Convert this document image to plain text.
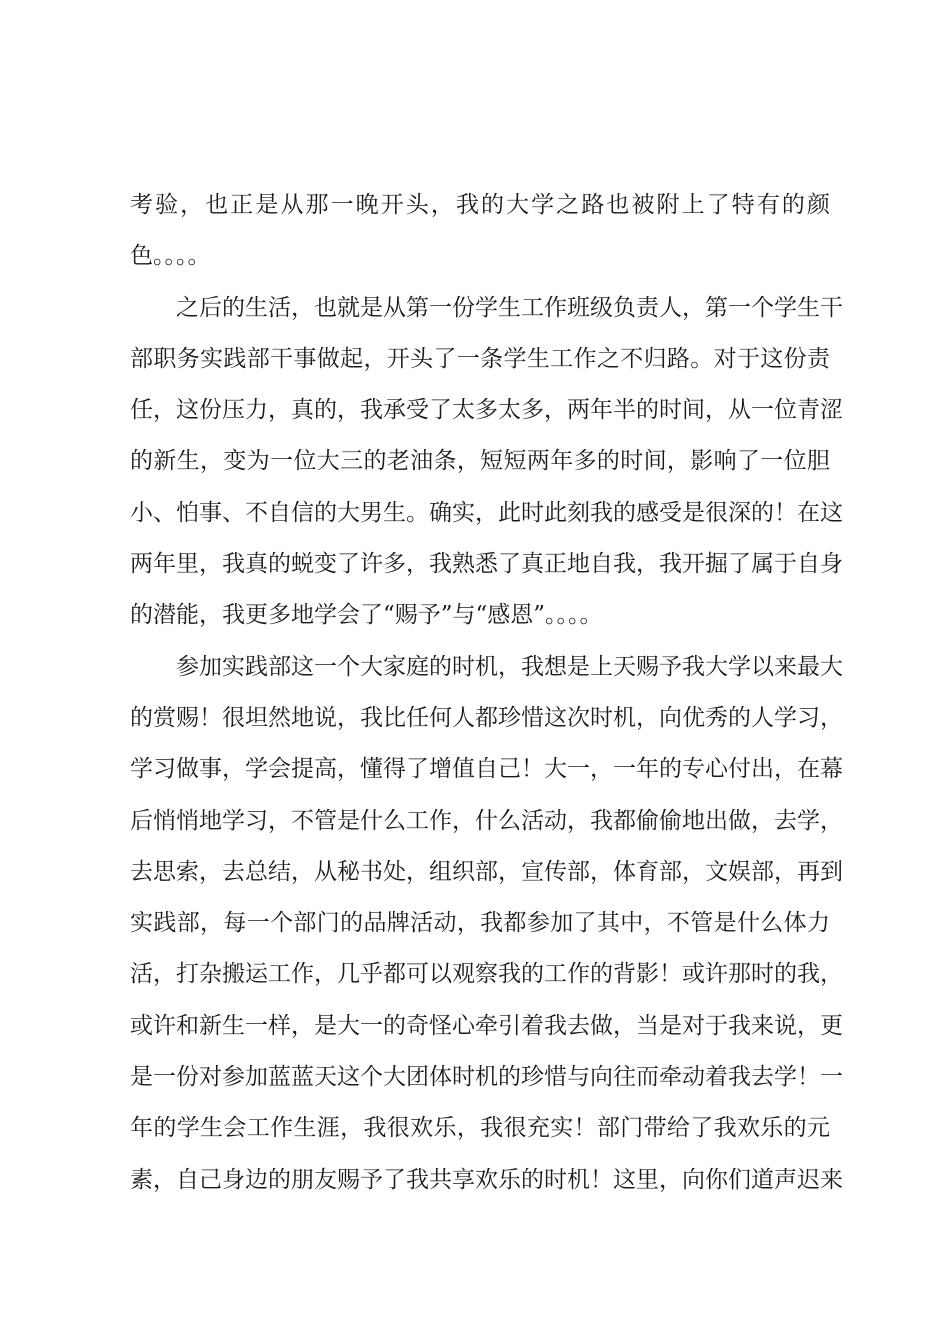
考验，也正是从那一晚开头，我的大学之路也被附上了特有的颜
色。。。。
之后的生活，也就是从第一份学生工作班级负责人，第一个学生干
部职务实践部干事做起，开头了一条学生工作之不归路。对于这份责
任，这份压力，真的，我承受了太多太多，两年半的时间，从一位青涩
的新生，变为一位大三的老油条，短短两年多的时间，影响了一位胆
小、怕事、不自信的大男生。确实，此时此刻我的感受是很深的！在这
两年里，我真的蜕变了许多，我熟悉了真正地自我，我开掘了属于自身
的潜能，我更多地学会了“赐予”与“感恩”。。。。
参加实践部这一个大家庭的时机，我想是上天赐予我大学以来最大
的赏赐！很坦然地说，我比任何人都珍惜这次时机，向优秀的人学习，
学习做事，学会提高，懂得了增值自己！大一，一年的专心付出，在幕
后悄悄地学习，不管是什么工作，什么活动，我都偷偷地出做，去学，
去思索，去总结，从秘书处，组织部，宣传部，体育部，文娱部，再到
实践部，每一个部门的品牌活动，我都参加了其中，不管是什么体力
活，打杂搬运工作，几乎都可以观察我的工作的背影！或许那时的我，
或许和新生一样，是大一的奇怪心牵引着我去做，当是对于我来说，更
是一份对参加蓝蓝天这个大团体时机的珍惜与向往而牵动着我去学！一
年的学生会工作生涯，我很欢乐，我很充实！部门带给了我欢乐的元
素，自己身边的朋友赐予了我共享欢乐的时机！这里，向你们道声迟来
